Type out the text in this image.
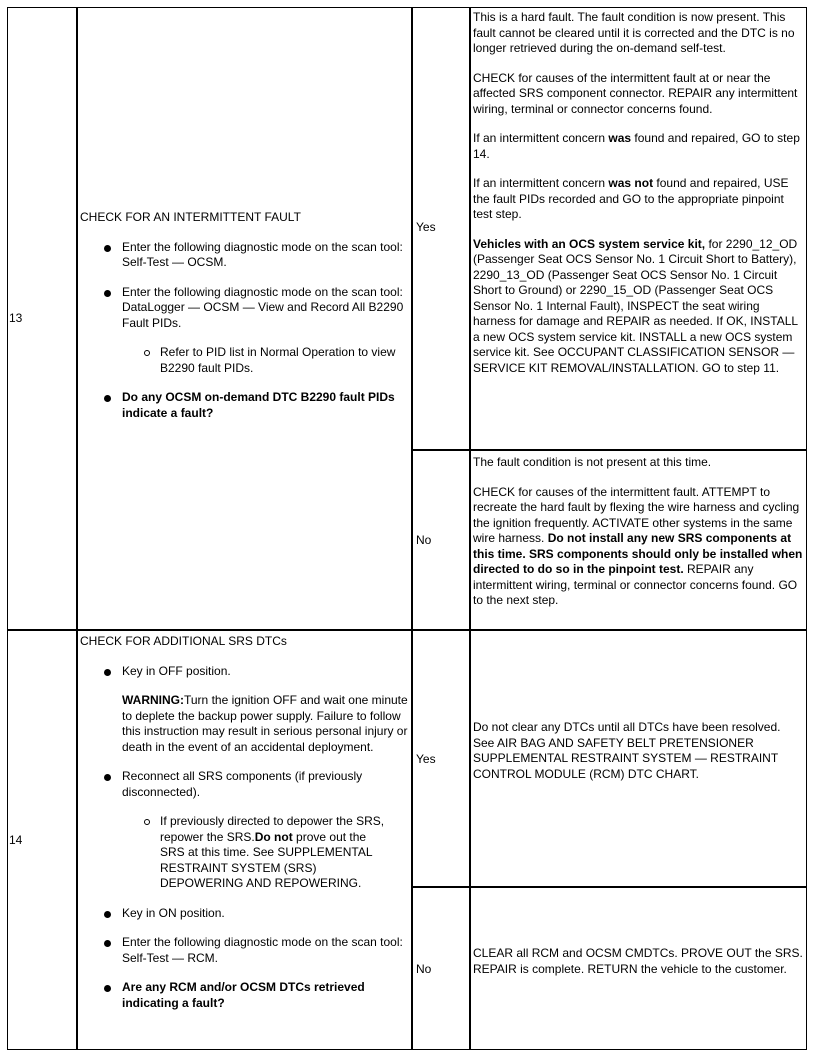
13
CHECK FOR AN INTERMITTENT FAULT
Enter the following diagnostic mode on the scan tool: Self-Test — OCSM.
Enter the following diagnostic mode on the scan tool: DataLogger — OCSM — View and Record All B2290 Fault PIDs.
Refer to PID list in Normal Operation to view B2290 fault PIDs.
Do any OCSM on-demand DTC B2290 fault PIDs indicate a fault?
Yes
This is a hard fault. The fault condition is now present. This fault cannot be cleared until it is corrected and the DTC is no longer retrieved during the on-demand self-test.
CHECK for causes of the intermittent fault at or near the affected SRS component connector. REPAIR any intermittent wiring, terminal or connector concerns found.
If an intermittent concern was found and repaired, GO to step 14.
If an intermittent concern was not found and repaired, USE the fault PIDs recorded and GO to the appropriate pinpoint test step.
Vehicles with an OCS system service kit, for 2290_12_OD (Passenger Seat OCS Sensor No. 1 Circuit Short to Battery), 2290_13_OD (Passenger Seat OCS Sensor No. 1 Circuit Short to Ground) or 2290_15_OD (Passenger Seat OCS Sensor No. 1 Internal Fault), INSPECT the seat wiring harness for damage and REPAIR as needed. If OK, INSTALL a new OCS system service kit. INSTALL a new OCS system service kit. See OCCUPANT CLASSIFICATION SENSOR — SERVICE KIT REMOVAL/INSTALLATION. GO to step 11.
No
The fault condition is not present at this time.
CHECK for causes of the intermittent fault. ATTEMPT to recreate the hard fault by flexing the wire harness and cycling the ignition frequently. ACTIVATE other systems in the same wire harness. Do not install any new SRS components at this time. SRS components should only be installed when directed to do so in the pinpoint test. REPAIR any intermittent wiring, terminal or connector concerns found. GO to the next step.
14
CHECK FOR ADDITIONAL SRS DTCs
Key in OFF position.
WARNING:Turn the ignition OFF and wait one minute to deplete the backup power supply. Failure to follow this instruction may result in serious personal injury or death in the event of an accidental deployment.
Reconnect all SRS components (if previously disconnected).
If previously directed to depower the SRS, repower the SRS.Do not prove out the SRS at this time. See SUPPLEMENTAL RESTRAINT SYSTEM (SRS) DEPOWERING AND REPOWERING.
Key in ON position.
Enter the following diagnostic mode on the scan tool: Self-Test — RCM.
Are any RCM and/or OCSM DTCs retrieved indicating a fault?
Yes
Do not clear any DTCs until all DTCs have been resolved. See AIR BAG AND SAFETY BELT PRETENSIONER SUPPLEMENTAL RESTRAINT SYSTEM — RESTRAINT CONTROL MODULE (RCM) DTC CHART.
No
CLEAR all RCM and OCSM CMDTCs. PROVE OUT the SRS. REPAIR is complete. RETURN the vehicle to the customer.
